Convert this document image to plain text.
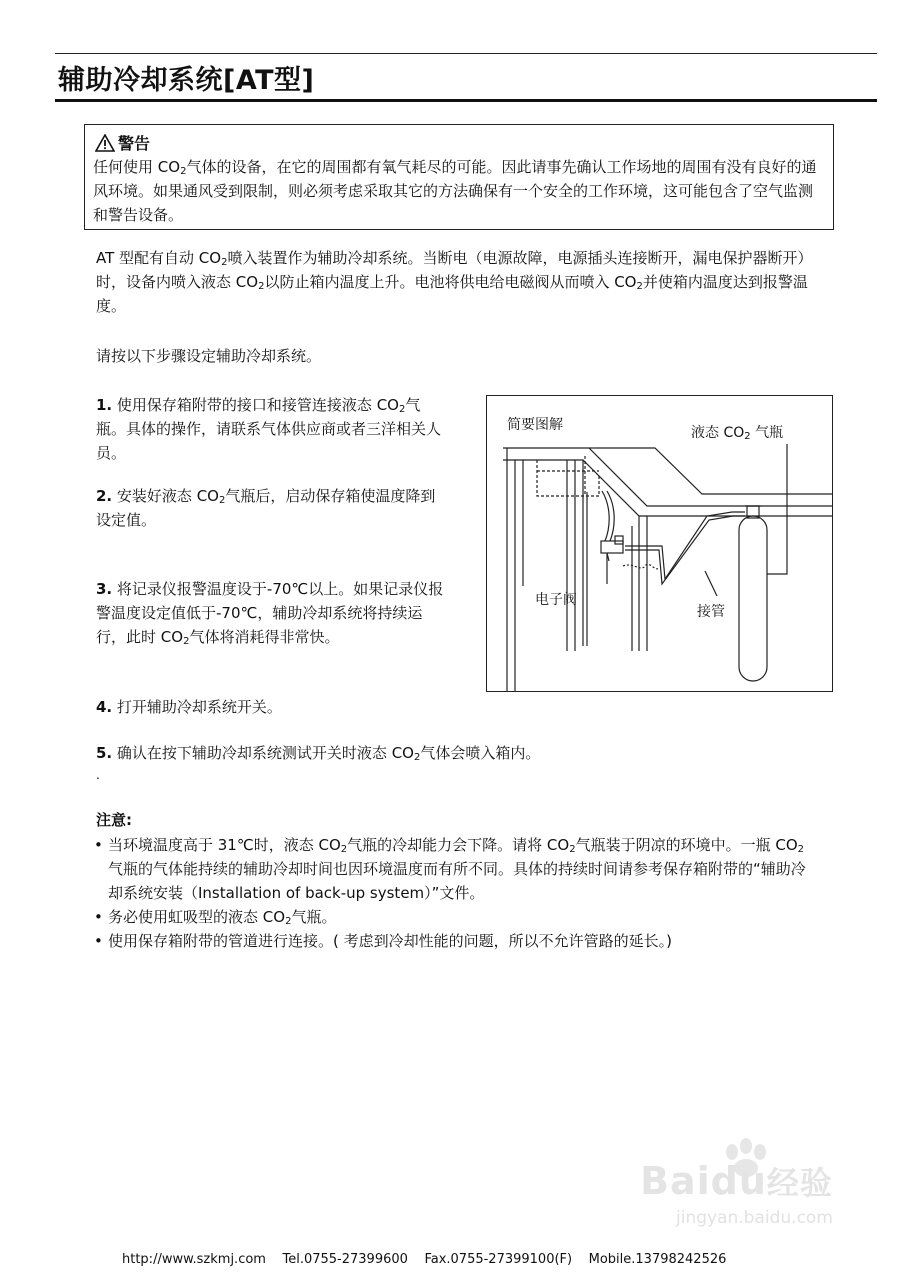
辅助冷却系统[AT型]
警告
任何使用 $CO_2$气体的设备，在它的周围都有氧气耗尽的可能。因此请事先确认工作场地的周围有没有良好的通风环境。如果通风受到限制，则必须考虑采取其它的方法确保有一个安全的工作环境，这可能包含了空气监测和警告设备。
AT 型配有自动 $CO_2$喷入装置作为辅助冷却系统。当断电（电源故障，电源插头连接断开，漏电保护器断开）时，设备内喷入液态 $CO_2$以防止箱内温度上升。电池将供电给电磁阀从而喷入 $CO_2$并使箱内温度达到报警温度。
请按以下步骤设定辅助冷却系统。
1. 使用保存箱附带的接口和接管连接液态 $CO_2$气瓶。具体的操作，请联系气体供应商或者三洋相关人员。
2. 安装好液态 $CO_2$气瓶后，启动保存箱使温度降到设定值。
3. 将记录仪报警温度设于-70℃以上。如果记录仪报警温度设定值低于-70℃，辅助冷却系统将持续运行，此时 $CO_2$气体将消耗得非常快。
4. 打开辅助冷却系统开关。
5. 确认在按下辅助冷却系统测试开关时液态 $CO_2$气体会喷入箱内。
.
注意:
• 当环境温度高于 31℃时，液态 $CO_2$气瓶的冷却能力会下降。请将 $CO_2$气瓶装于阴凉的环境中。一瓶 $CO_2$气瓶的气体能持续的辅助冷却时间也因环境温度而有所不同。具体的持续时间请参考保存箱附带的“辅助冷却系统安装（Installation of back-up system）”文件。
• 务必使用虹吸型的液态 $CO_2$气瓶。
• 使用保存箱附带的管道进行连接。( 考虑到冷却性能的问题，所以不允许管路的延长。)
简要图解	液态 $CO_2$ 气瓶
电子阀
接管
Baidu经验
jingyan.baidu.com
http://www.szkmj.com Tel.0755-27399600 Fax.0755-27399100(F) Mobile.13798242526
